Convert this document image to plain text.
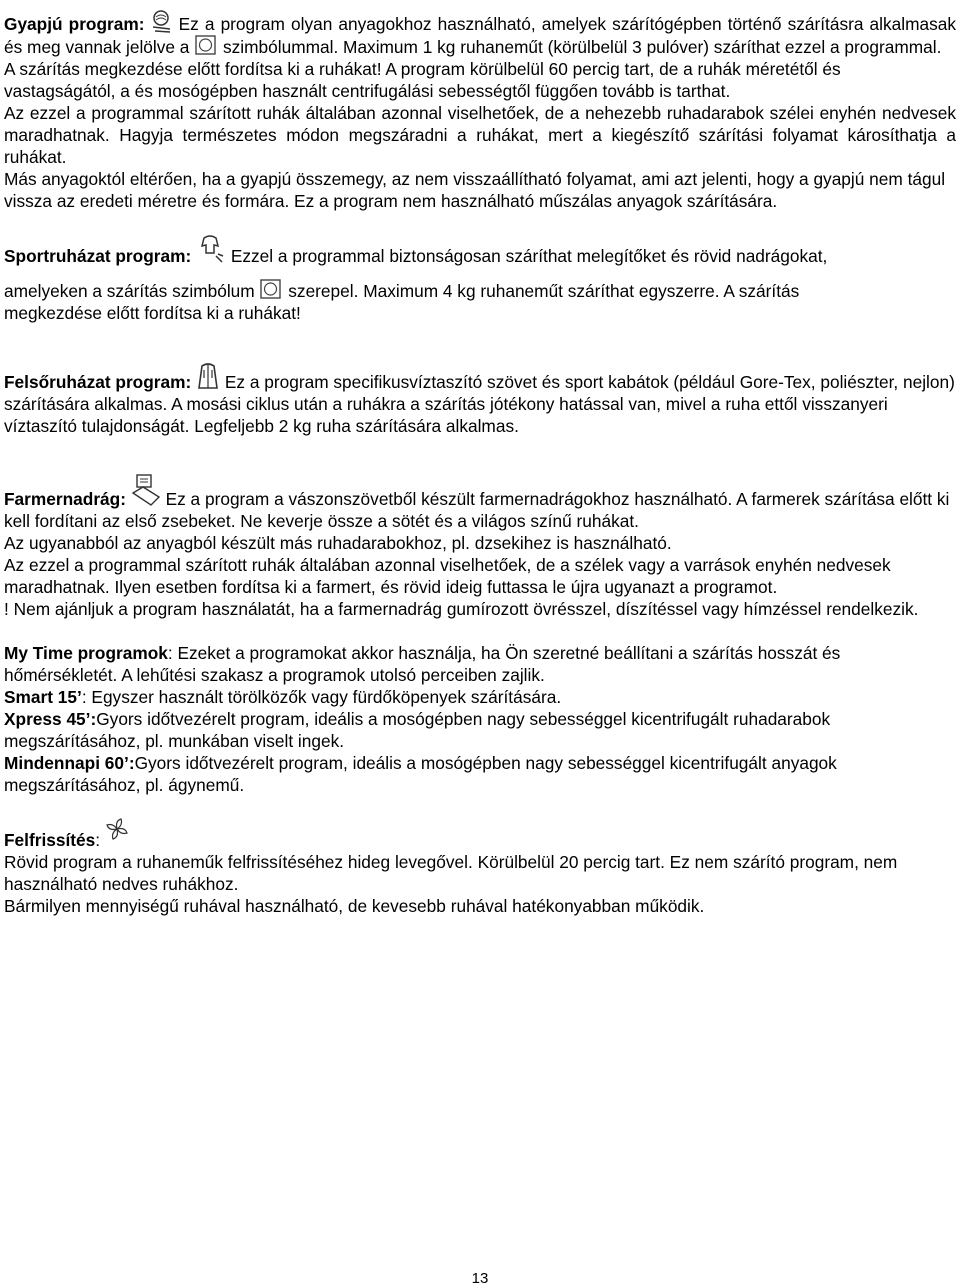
Gyapjú program:
Ez a program olyan anyagokhoz használható, amelyek szárítógépben történő szárításra alkalmasak és meg vannak jelölve a
szimbólummal. Maximum 1 kg ruhaneműt (körülbelül 3 pulóver) száríthat ezzel a programmal.

A szárítás megkezdése előtt fordítsa ki a ruhákat! A program körülbelül 60 percig tart, de a ruhák méretétől és vastagságától, a és mosógépben használt centrifugálási sebességtől függően tovább is tarthat.

Az ezzel a programmal szárított ruhák általában azonnal viselhetőek, de a nehezebb ruhadarabok szélei enyhén nedvesek maradhatnak. Hagyja természetes módon megszáradni a ruhákat, mert a kiegészítő szárítási folyamat károsíthatja a ruhákat.

Más anyagoktól eltérően, ha a gyapjú összemegy, az nem visszaállítható folyamat, ami azt jelenti, hogy a gyapjú nem tágul vissza az eredeti méretre és formára. Ez a program nem használható műszálas anyagok szárítására.

Sportruházat program:
Ezzel a programmal biztonságosan száríthat melegítőket és rövid nadrágokat,

amelyeken a szárítás szimbólum
szerepel. Maximum 4 kg ruhaneműt száríthat egyszerre. A szárítás
megkezdése előtt fordítsa ki a ruhákat!

Felsőruházat program:
Ez a program specifikusvíztaszító szövet és sport kabátok (például Gore-Tex, poliészter, nejlon) szárítására alkalmas. A mosási ciklus után a ruhákra a szárítás jótékony hatással van, mivel a ruha ettől visszanyeri víztaszító tulajdonságát. Legfeljebb 2 kg ruha szárítására alkalmas.

Farmernadrág:
Ez a program a vászonszövetből készült farmernadrágokhoz használható. A farmerek szárítása előtt ki kell fordítani az első zsebeket. Ne keverje össze a sötét és a világos színű ruhákat.

Az ugyanabból az anyagból készült más ruhadarabokhoz, pl. dzsekihez is használható.

Az ezzel a programmal szárított ruhák általában azonnal viselhetőek, de a szélek vagy a varrások enyhén nedvesek maradhatnak. Ilyen esetben fordítsa ki a farmert, és rövid ideig futtassa le újra ugyanazt a programot.

! Nem ajánljuk a program használatát, ha a farmernadrág gumírozott övrésszel, díszítéssel vagy hímzéssel rendelkezik.

My Time programok: Ezeket a programokat akkor használja, ha Ön szeretné beállítani a szárítás hosszát és hőmérsékletét. A lehűtési szakasz a programok utolsó perceiben zajlik.

Smart 15’: Egyszer használt törölközők vagy fürdőköpenyek szárítására.

Xpress 45’:Gyors időtvezérelt program, ideális a mosógépben nagy sebességgel kicentrifugált ruhadarabok megszárításához, pl. munkában viselt ingek.

Mindennapi 60’:Gyors időtvezérelt program, ideális a mosógépben nagy sebességgel kicentrifugált anyagok megszárításához, pl. ágynemű.

Felfrissítés:

Rövid program a ruhaneműk felfrissítéséhez hideg levegővel. Körülbelül 20 percig tart. Ez nem szárító program, nem használható nedves ruhákhoz.

Bármilyen mennyiségű ruhával használható, de kevesebb ruhával hatékonyabban működik.

13
